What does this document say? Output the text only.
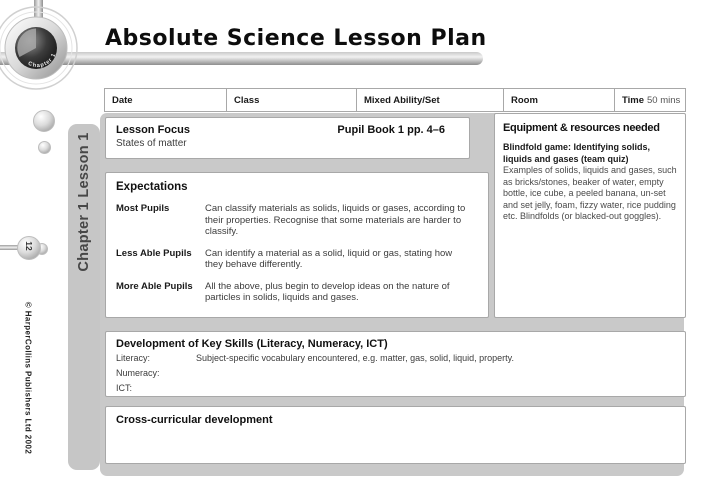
Absolute Science Lesson Plan
Chapter 1
Chapter 1 Lesson 1
12
© HarperCollins Publishers Ltd 2002
Date	Class	Mixed Ability/Set	Room	Time 50 mins
Lesson Focus
States of matter
Pupil Book 1 pp. 4–6	Equipment & resources needed
Blindfold game: Identifying solids, liquids and gases (team quiz)
Examples of solids, liquids and gases, such as bricks/stones, beaker of water, empty bottle, ice cube, a peeled banana, un-set and set jelly, foam, fizzy water, rice pudding etc. Blindfolds (or blacked-out goggles).
Expectations
Most Pupils	Can classify materials as solids, liquids or gases, according to their properties. Recognise that some materials are harder to classify.
Less Able Pupils	Can identify a material as a solid, liquid or gas, stating how they behave differently.
More Able Pupils	All the above, plus begin to develop ideas on the nature of particles in solids, liquids and gases.
Development of Key Skills (Literacy, Numeracy, ICT)
Literacy:	Subject-specific vocabulary encountered, e.g. matter, gas, solid, liquid, property.
Numeracy:
ICT:
Cross-curricular development
